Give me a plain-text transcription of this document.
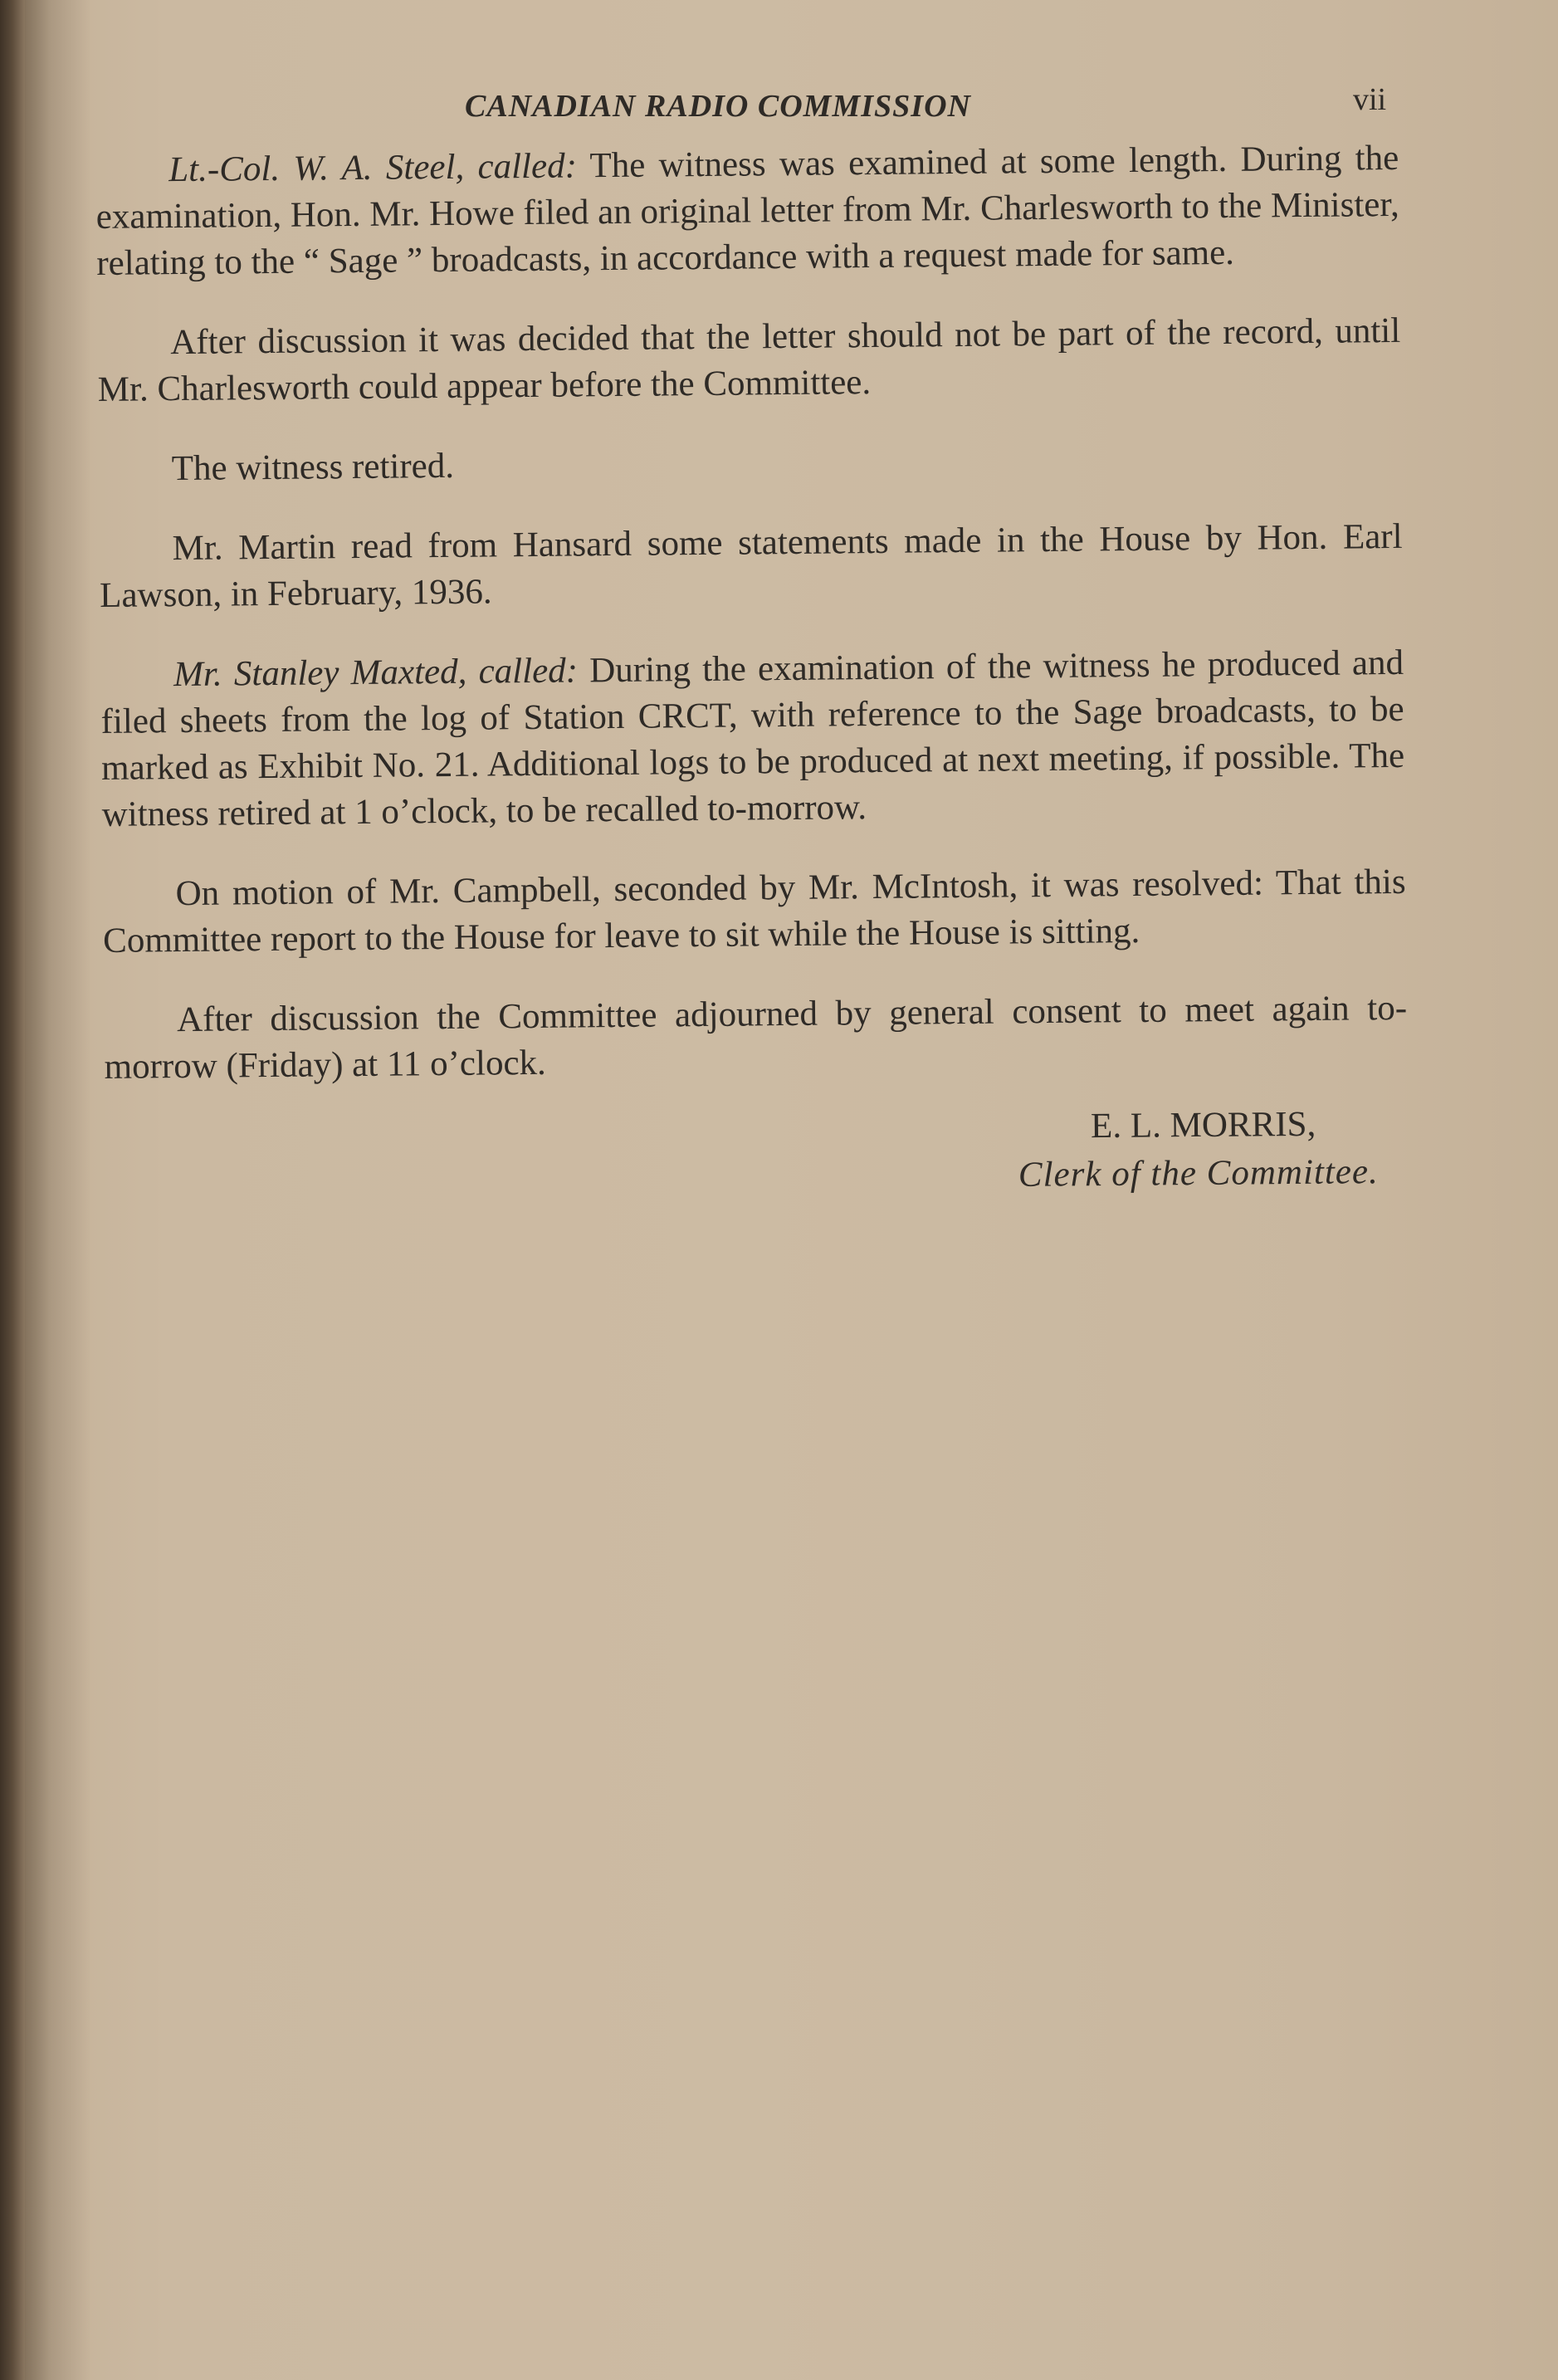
CANADIAN RADIO COMMISSION	vii

Lt.-Col. W. A. Steel, called: The witness was examined at some length. During the examination, Hon. Mr. Howe filed an original letter from Mr. Charlesworth to the Minister, relating to the “ Sage ” broadcasts, in accordance with a request made for same.

After discussion it was decided that the letter should not be part of the record, until Mr. Charlesworth could appear before the Committee.

The witness retired.

Mr. Martin read from Hansard some statements made in the House by Hon. Earl Lawson, in February, 1936.

Mr. Stanley Maxted, called: During the examination of the witness he produced and filed sheets from the log of Station CRCT, with reference to the Sage broadcasts, to be marked as Exhibit No. 21. Additional logs to be produced at next meeting, if possible. The witness retired at 1 o’clock, to be recalled to-morrow.

On motion of Mr. Campbell, seconded by Mr. McIntosh, it was resolved: That this Committee report to the House for leave to sit while the House is sitting.

After discussion the Committee adjourned by general consent to meet again to-morrow (Friday) at 11 o’clock.

E. L. MORRIS,
Clerk of the Committee.
